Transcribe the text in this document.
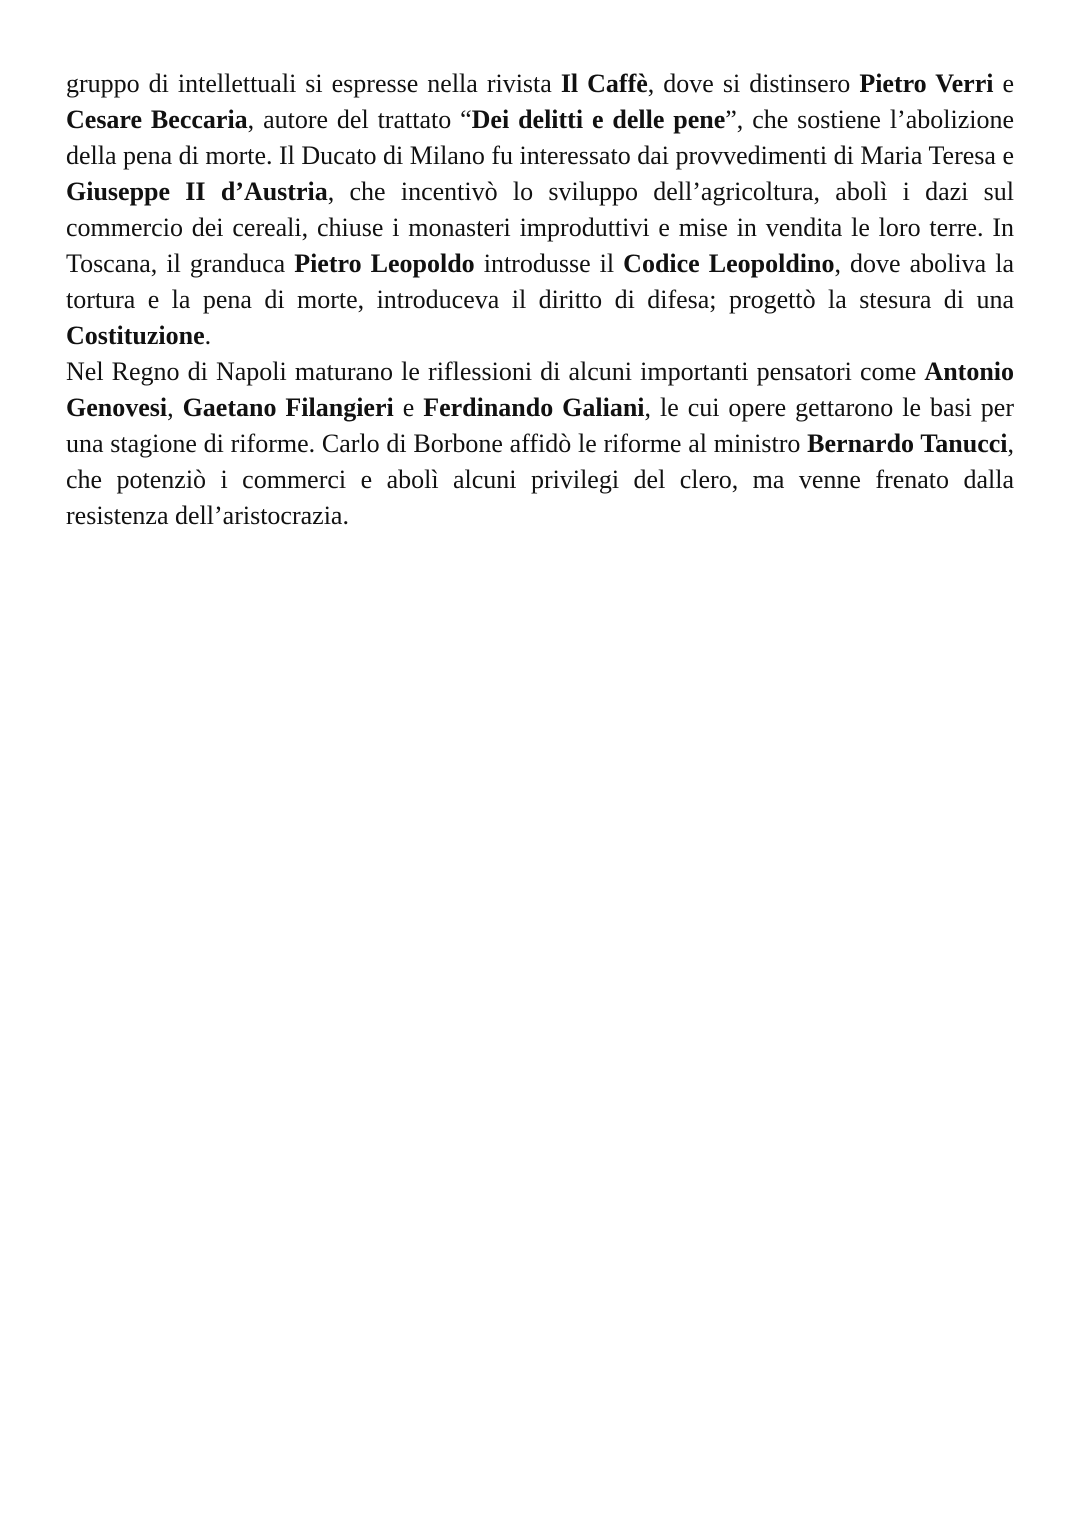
gruppo di intellettuali si espresse nella rivista Il Caffè, dove si distinsero Pietro Verri e Cesare Beccaria, autore del trattato “Dei delitti e delle pene”, che sostiene l’abolizione della pena di morte. Il Ducato di Milano fu interessato dai provvedimenti di Maria Teresa e Giuseppe II d’Austria, che incentivò lo sviluppo dell’agricoltura, abolì i dazi sul commercio dei cereali, chiuse i monasteri improduttivi e mise in vendita le loro terre. In Toscana, il granduca Pietro Leopoldo introdusse il Codice Leopoldino, dove aboliva la tortura e la pena di morte, introduceva il diritto di difesa; progettò la stesura di una Costituzione.

Nel Regno di Napoli maturano le riflessioni di alcuni importanti pensatori come Antonio Genovesi, Gaetano Filangieri e Ferdinando Galiani, le cui opere gettarono le basi per una stagione di riforme. Carlo di Borbone affidò le riforme al ministro Bernardo Tanucci, che potenziò i commerci e abolì alcuni privilegi del clero, ma venne frenato dalla resistenza dell’aristocrazia.
